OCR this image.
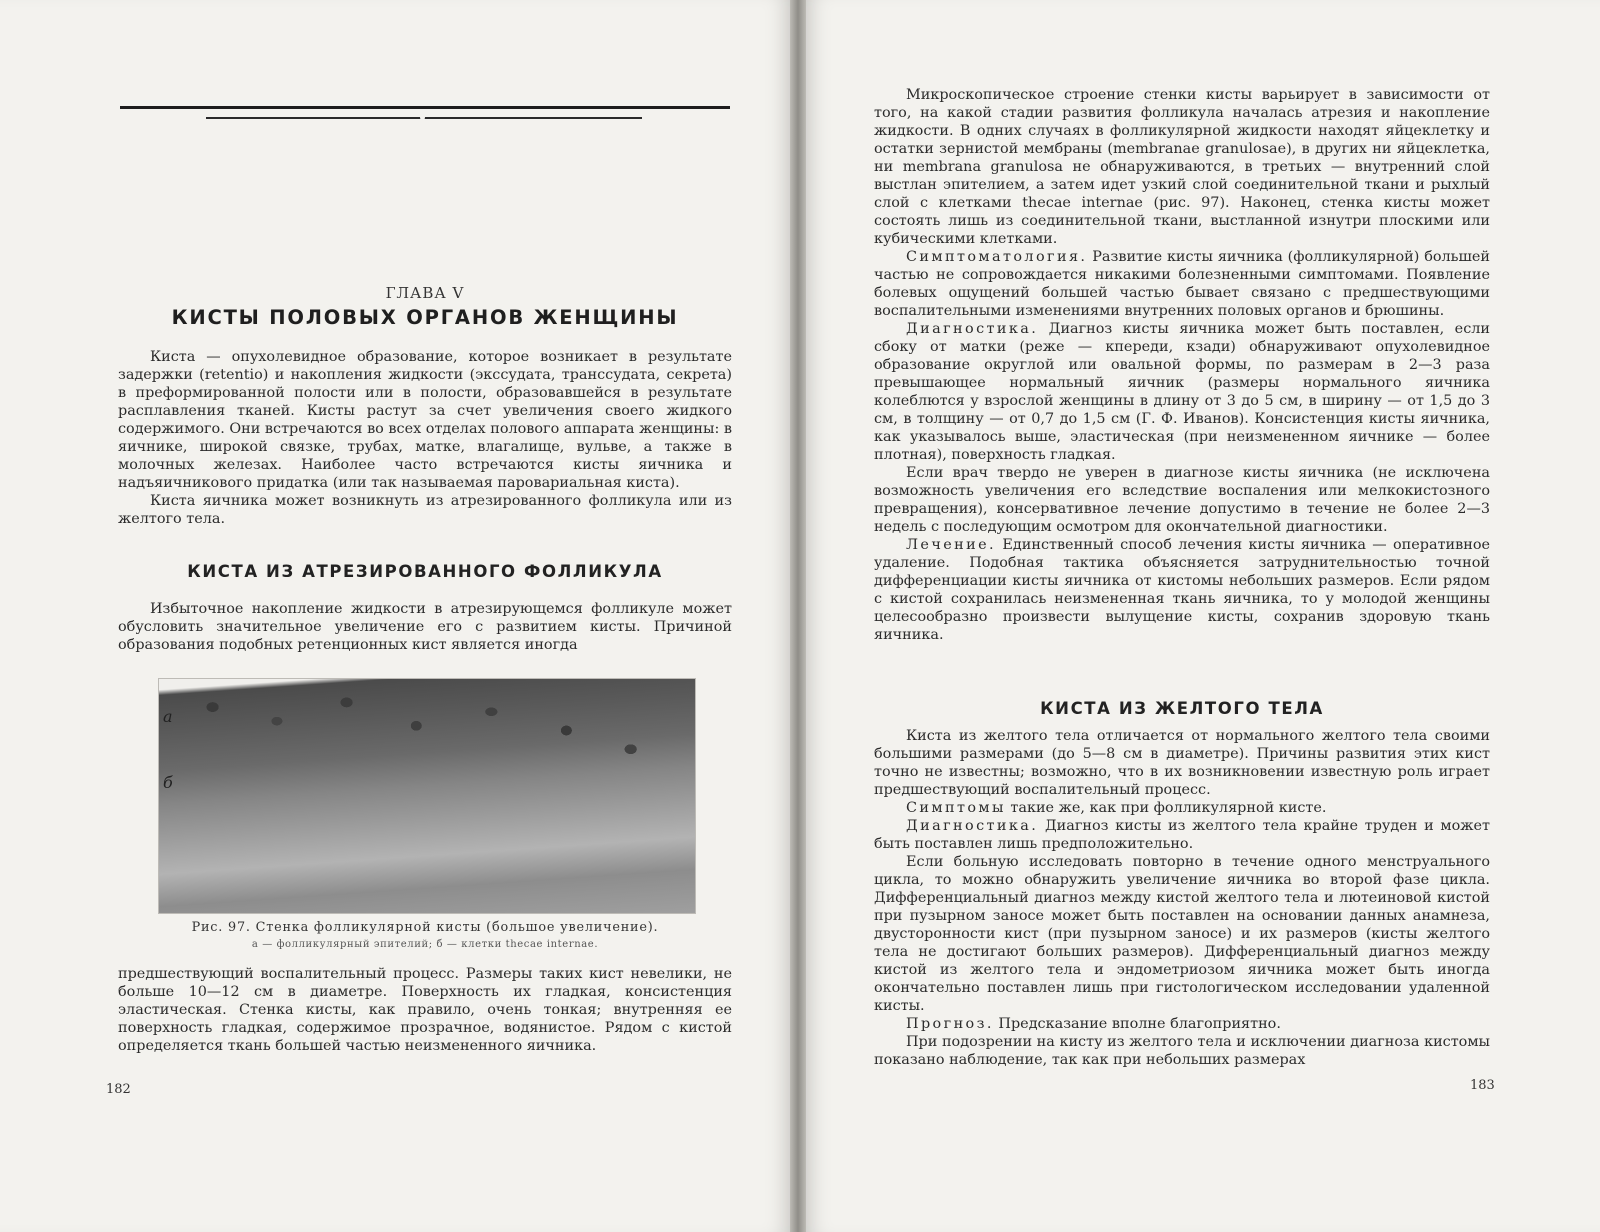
ГЛАВА V
КИСТЫ ПОЛОВЫХ ОРГАНОВ ЖЕНЩИНЫ

Киста — опухолевидное образование, которое возникает в результате задержки (retentio) и накопления жидкости (экссудата, транссудата, секрета) в преформированной полости или в полости, образовавшейся в результате расплавления тканей. Кисты растут за счет увеличения своего жидкого содержимого. Они встречаются во всех отделах полового аппарата женщины: в яичнике, широкой связке, трубах, матке, влагалище, вульве, а также в молочных железах. Наиболее часто встречаются кисты яичника и надъяичникового придатка (или так называемая паровариальная киста).

Киста яичника может возникнуть из атрезированного фолликула или из желтого тела.

КИСТА ИЗ АТРЕЗИРОВАННОГО ФОЛЛИКУЛА

Избыточное накопление жидкости в атрезирующемся фолликуле может обусловить значительное увеличение его с развитием кисты. Причиной образования подобных ретенционных кист является иногда

а
б
Рис. 97. Стенка фолликулярной кисты (большое увеличение).
а — фолликулярный эпителий; б — клетки thecae internae.

предшествующий воспалительный процесс. Размеры таких кист невелики, не больше 10—12 см в диаметре. Поверхность их гладкая, консистенция эластическая. Стенка кисты, как правило, очень тонкая; внутренняя ее поверхность гладкая, содержимое прозрачное, водянистое. Рядом с кистой определяется ткань большей частью неизмененного яичника.

182

Микроскопическое строение стенки кисты варьирует в зависимости от того, на какой стадии развития фолликула началась атрезия и накопление жидкости. В одних случаях в фолликулярной жидкости находят яйцеклетку и остатки зернистой мембраны (membranae granulosae), в других ни яйцеклетка, ни membrana granulosa не обнаруживаются, в третьих — внутренний слой выстлан эпителием, а затем идет узкий слой соединительной ткани и рыхлый слой с клетками thecae internae (рис. 97). Наконец, стенка кисты может состоять лишь из соединительной ткани, выстланной изнутри плоскими или кубическими клетками.

Симптоматология. Развитие кисты яичника (фолликулярной) большей частью не сопровождается никакими болезненными симптомами. Появление болевых ощущений большей частью бывает связано с предшествующими воспалительными изменениями внутренних половых органов и брюшины.

Диагностика. Диагноз кисты яичника может быть поставлен, если сбоку от матки (реже — кпереди, кзади) обнаруживают опухолевидное образование округлой или овальной формы, по размерам в 2—3 раза превышающее нормальный яичник (размеры нормального яичника колеблются у взрослой женщины в длину от 3 до 5 см, в ширину — от 1,5 до 3 см, в толщину — от 0,7 до 1,5 см (Г. Ф. Иванов). Консистенция кисты яичника, как указывалось выше, эластическая (при неизмененном яичнике — более плотная), поверхность гладкая.

Если врач твердо не уверен в диагнозе кисты яичника (не исключена возможность увеличения его вследствие воспаления или мелкокистозного превращения), консервативное лечение допустимо в течение не более 2—3 недель с последующим осмотром для окончательной диагностики.

Лечение. Единственный способ лечения кисты яичника — оперативное удаление. Подобная тактика объясняется затруднительностью точной дифференциации кисты яичника от кистомы небольших размеров. Если рядом с кистой сохранилась неизмененная ткань яичника, то у молодой женщины целесообразно произвести вылущение кисты, сохранив здоровую ткань яичника.

КИСТА ИЗ ЖЕЛТОГО ТЕЛА

Киста из желтого тела отличается от нормального желтого тела своими большими размерами (до 5—8 см в диаметре). Причины развития этих кист точно не известны; возможно, что в их возникновении известную роль играет предшествующий воспалительный процесс.

Симптомы такие же, как при фолликулярной кисте.

Диагностика. Диагноз кисты из желтого тела крайне труден и может быть поставлен лишь предположительно.

Если больную исследовать повторно в течение одного менструального цикла, то можно обнаружить увеличение яичника во второй фазе цикла. Дифференциальный диагноз между кистой желтого тела и лютеиновой кистой при пузырном заносе может быть поставлен на основании данных анамнеза, двусторонности кист (при пузырном заносе) и их размеров (кисты желтого тела не достигают больших размеров). Дифференциальный диагноз между кистой из желтого тела и эндометриозом яичника может быть иногда окончательно поставлен лишь при гистологическом исследовании удаленной кисты.

Прогноз. Предсказание вполне благоприятно.

При подозрении на кисту из желтого тела и исключении диагноза кистомы показано наблюдение, так как при небольших размерах

183
